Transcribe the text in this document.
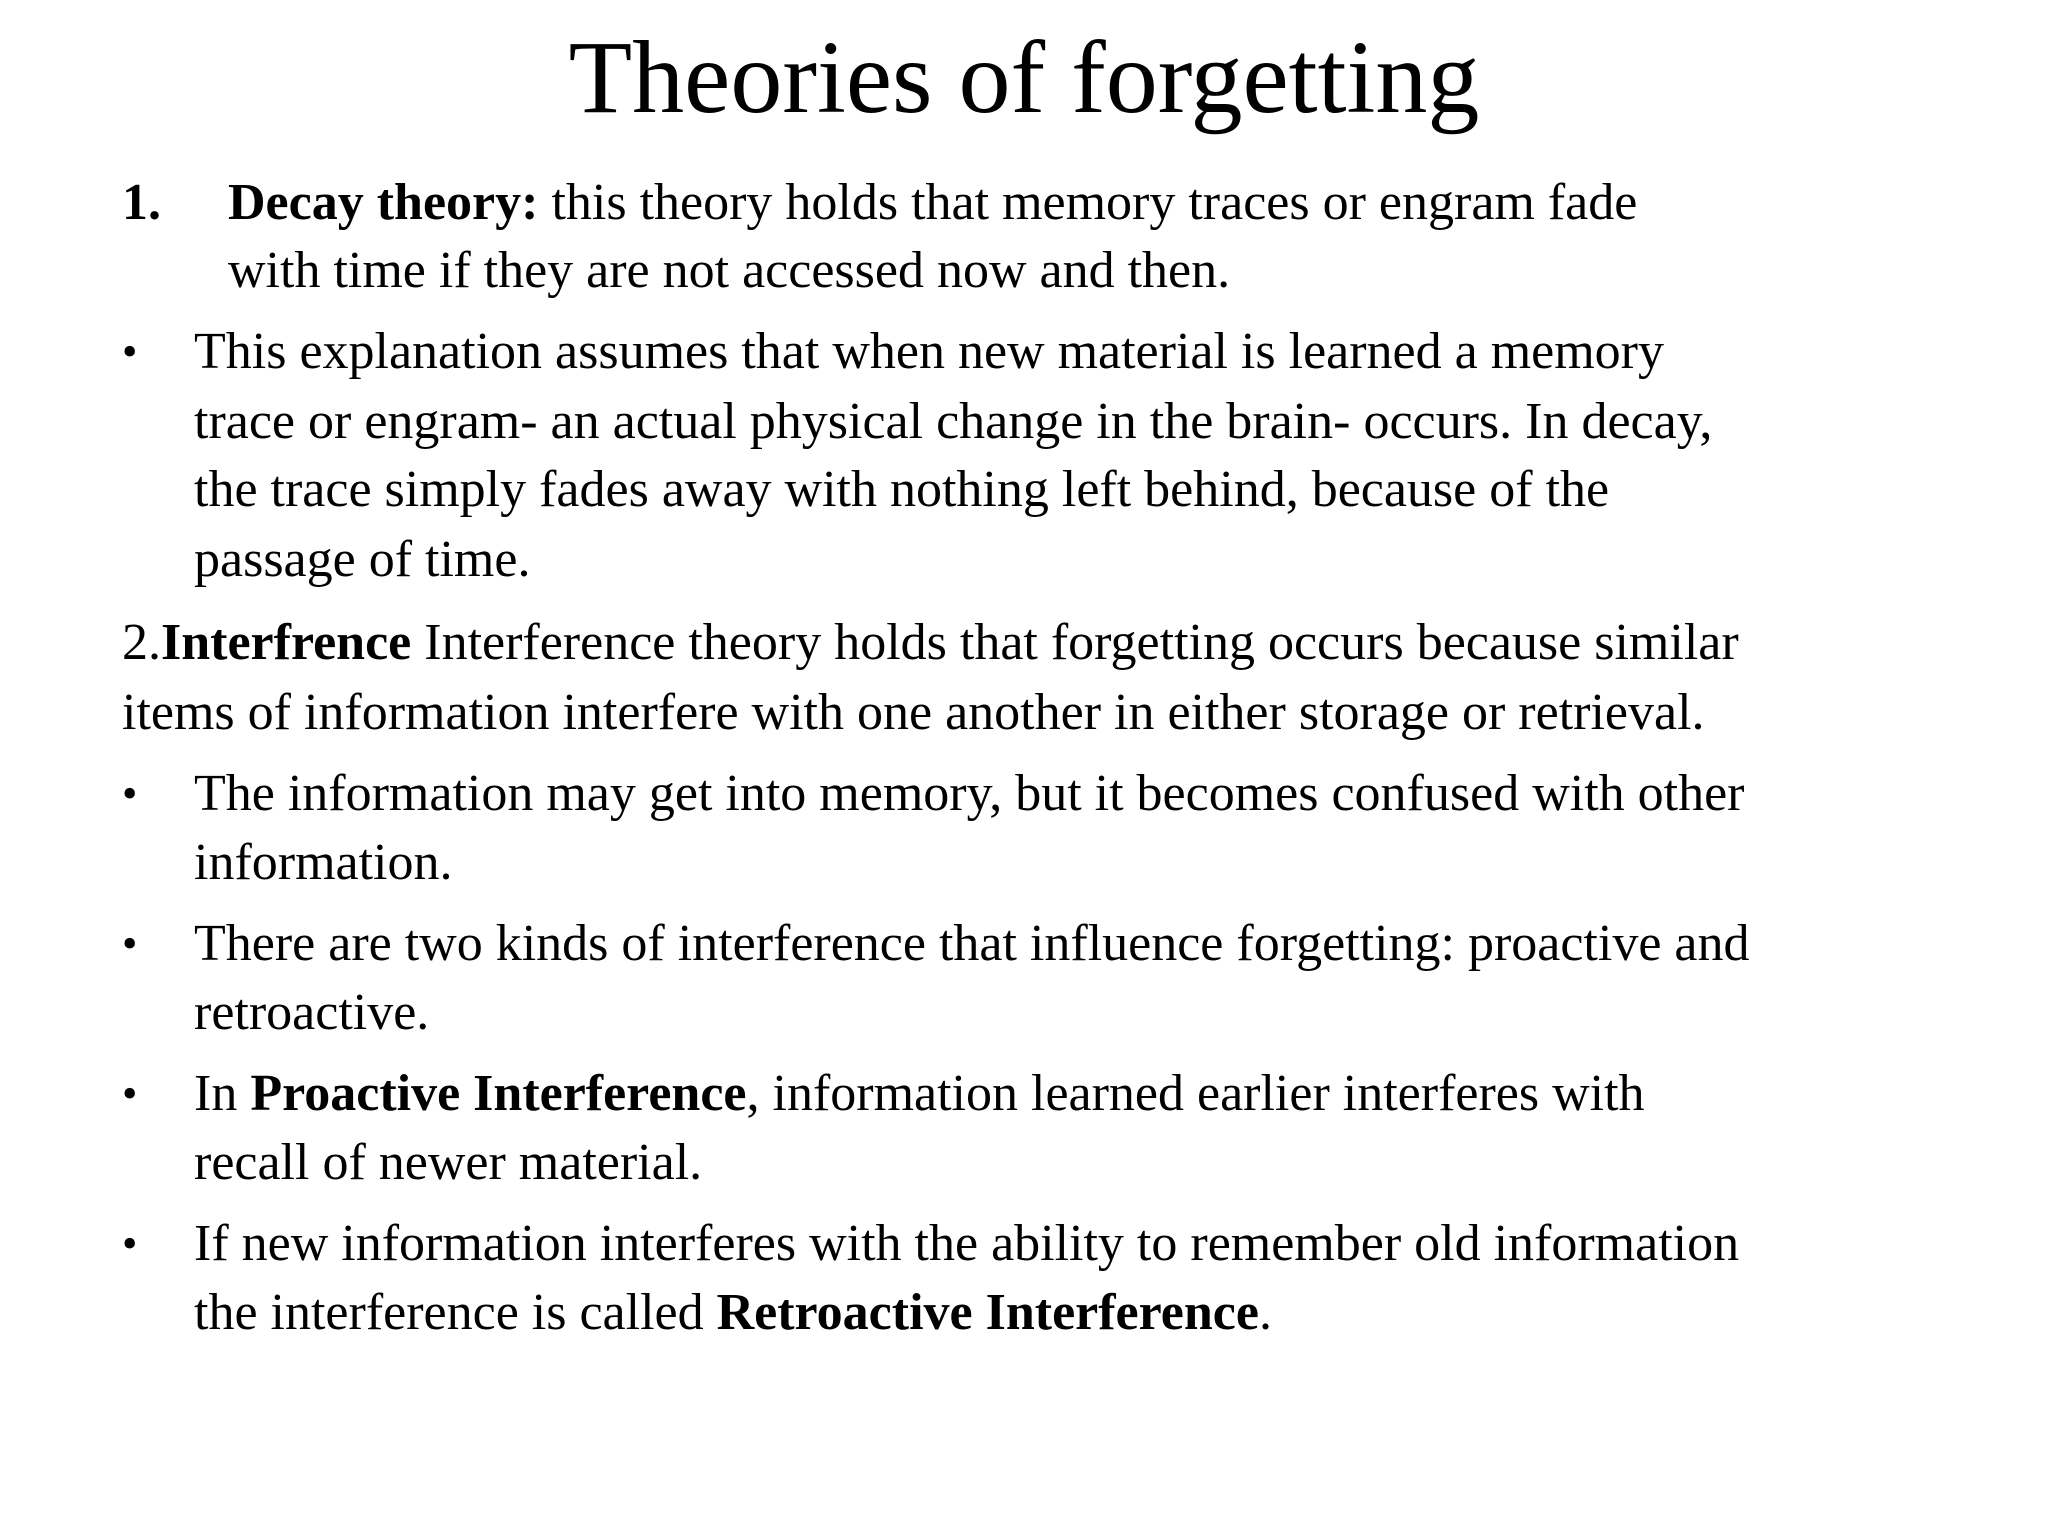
Theories of forgetting
1. Decay theory: this theory holds that memory traces or engram fade

with time if they are not accessed now and then.

• This explanation assumes that when new material is learned a memory

trace or engram- an actual physical change in the brain- occurs. In decay,

the trace simply fades away with nothing left behind, because of the

passage of time.

2.Interfrence Interference theory holds that forgetting occurs because similar

items of information interfere with one another in either storage or retrieval.

• The information may get into memory, but it becomes confused with other

information.

• There are two kinds of interference that influence forgetting: proactive and

retroactive.

• In Proactive Interference, information learned earlier interferes with

recall of newer material.

• If new information interferes with the ability to remember old information

the interference is called Retroactive Interference.
